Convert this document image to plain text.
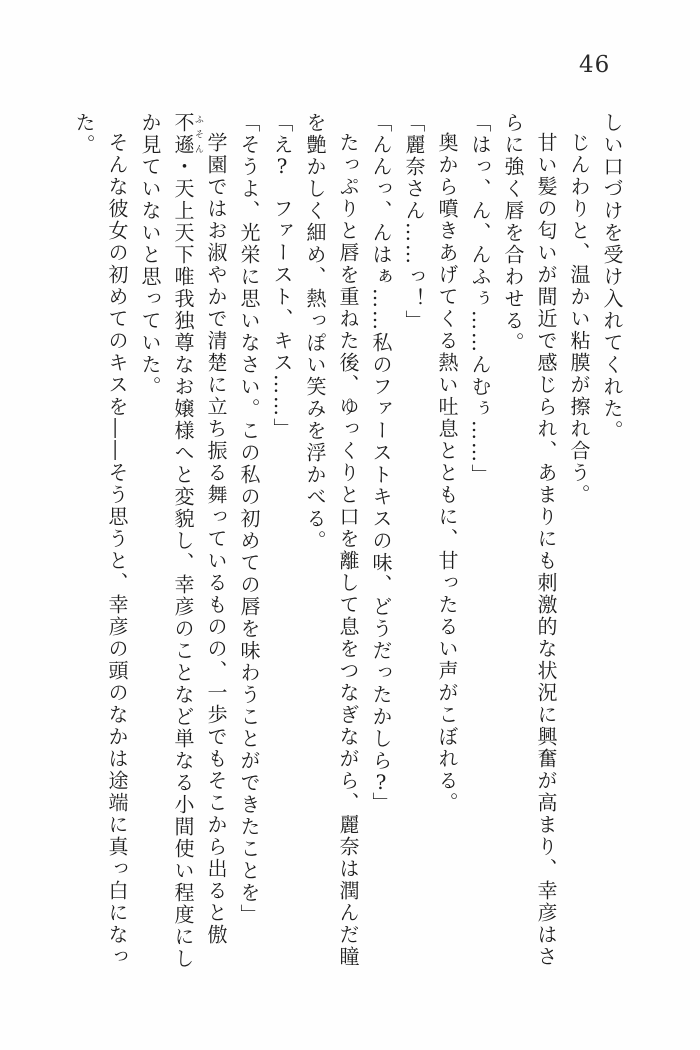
46

しい口づけを受け入れてくれた。

じんわりと、温かい粘膜が擦れ合う。

甘い髪の匂いが間近で感じられ、あまりにも刺激的な状況に興奮が高まり、幸彦はさらに強く唇を合わせる。

「はっ、ん、んふぅ……んむぅ……」

奥から噴きあげてくる熱い吐息とともに、甘ったるい声がこぼれる。

「麗奈さん……っ！」

「んんっ、んはぁ……私のファーストキスの味、どうだったかしら?」

たっぷりと唇を重ねた後、ゆっくりと口を離して息をつなぎながら、麗奈は潤んだ瞳を艶かしく細め、熱っぽい笑みを浮かべる。

「え?　ファースト、キス……」

「そうよ、光栄に思いなさい。この私の初めての唇を味わうことができたことを」

学園ではお淑やかで清楚に立ち振る舞っているものの、一歩でもそこから出ると傲不遜ふそん・天上天下唯我独尊なお嬢様へと変貌し、幸彦のことなど単なる小間使い程度にしか見ていないと思っていた。

そんな彼女の初めてのキスを――そう思うと、幸彦の頭のなかは途端に真っ白になった。
